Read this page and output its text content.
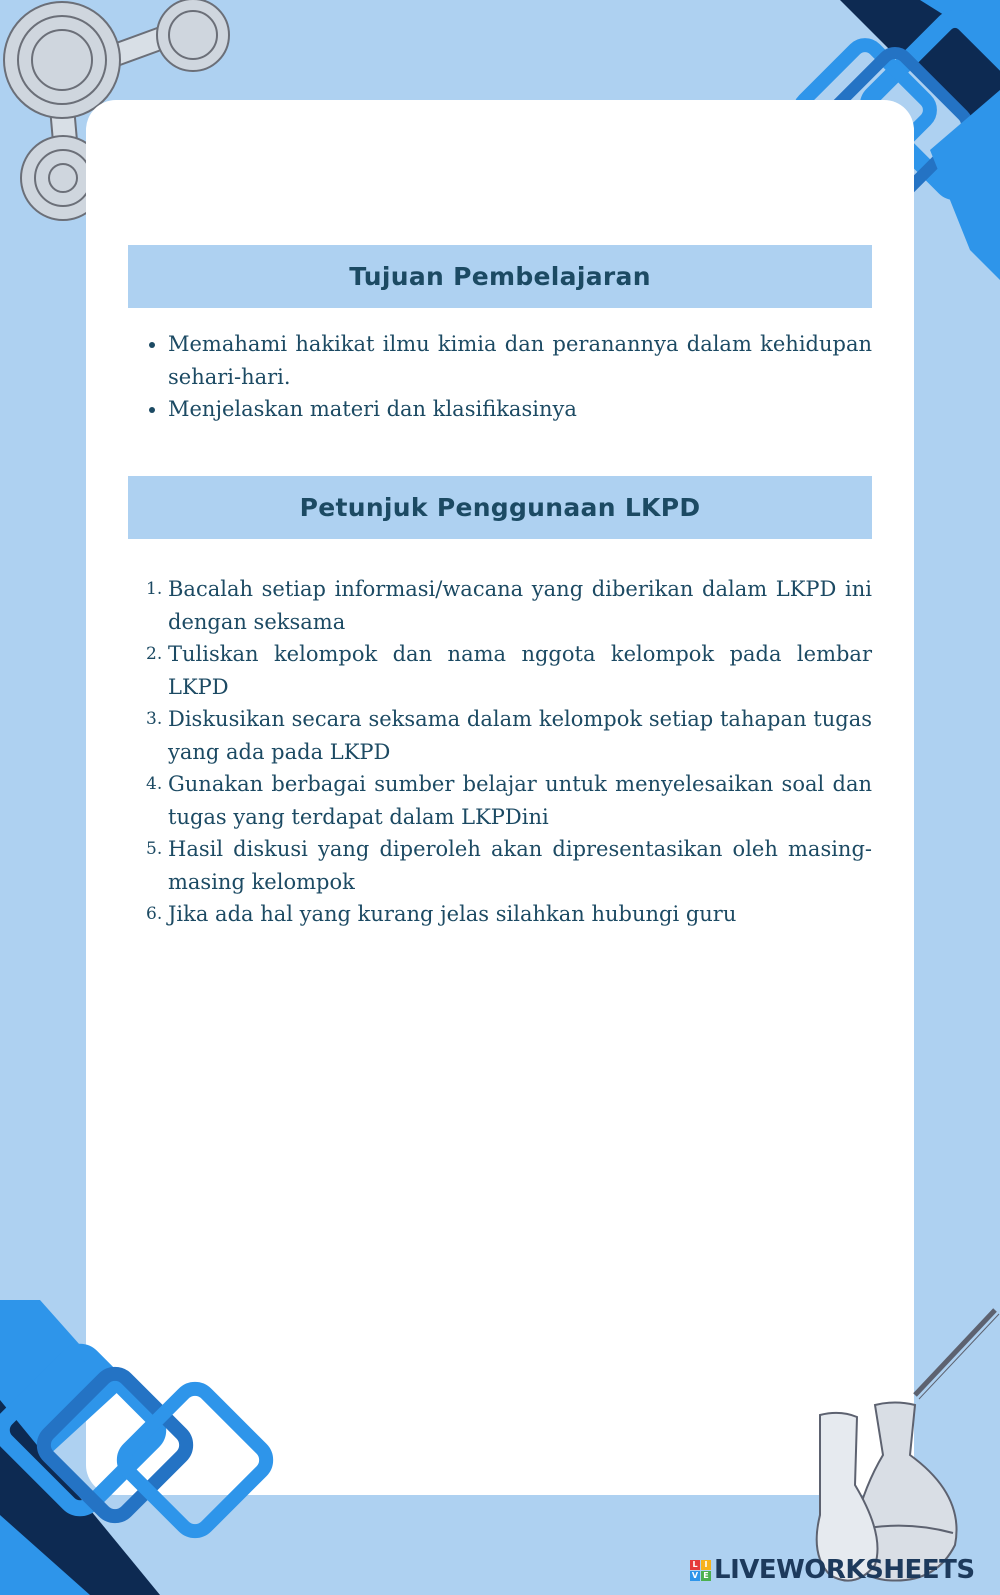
Tujuan Pembelajaran
Memahami hakikat ilmu kimia dan peranannya dalam kehidupan sehari-hari.
Menjelaskan materi dan klasifikasinya
Petunjuk Penggunaan LKPD
1. Bacalah setiap informasi/wacana yang diberikan dalam LKPD ini dengan seksama
2. Tuliskan kelompok dan nama nggota kelompok pada lembar LKPD
3. Diskusikan secara seksama dalam kelompok setiap tahapan tugas yang ada pada LKPD
4. Gunakan berbagai sumber belajar untuk menyelesaikan soal dan tugas yang terdapat dalam LKPDini
5. Hasil diskusi yang diperoleh akan dipresentasikan oleh masing-masing kelompok
6. Jika ada hal yang kurang jelas silahkan hubungi guru
L I
V E LIVEWORKSHEETS
